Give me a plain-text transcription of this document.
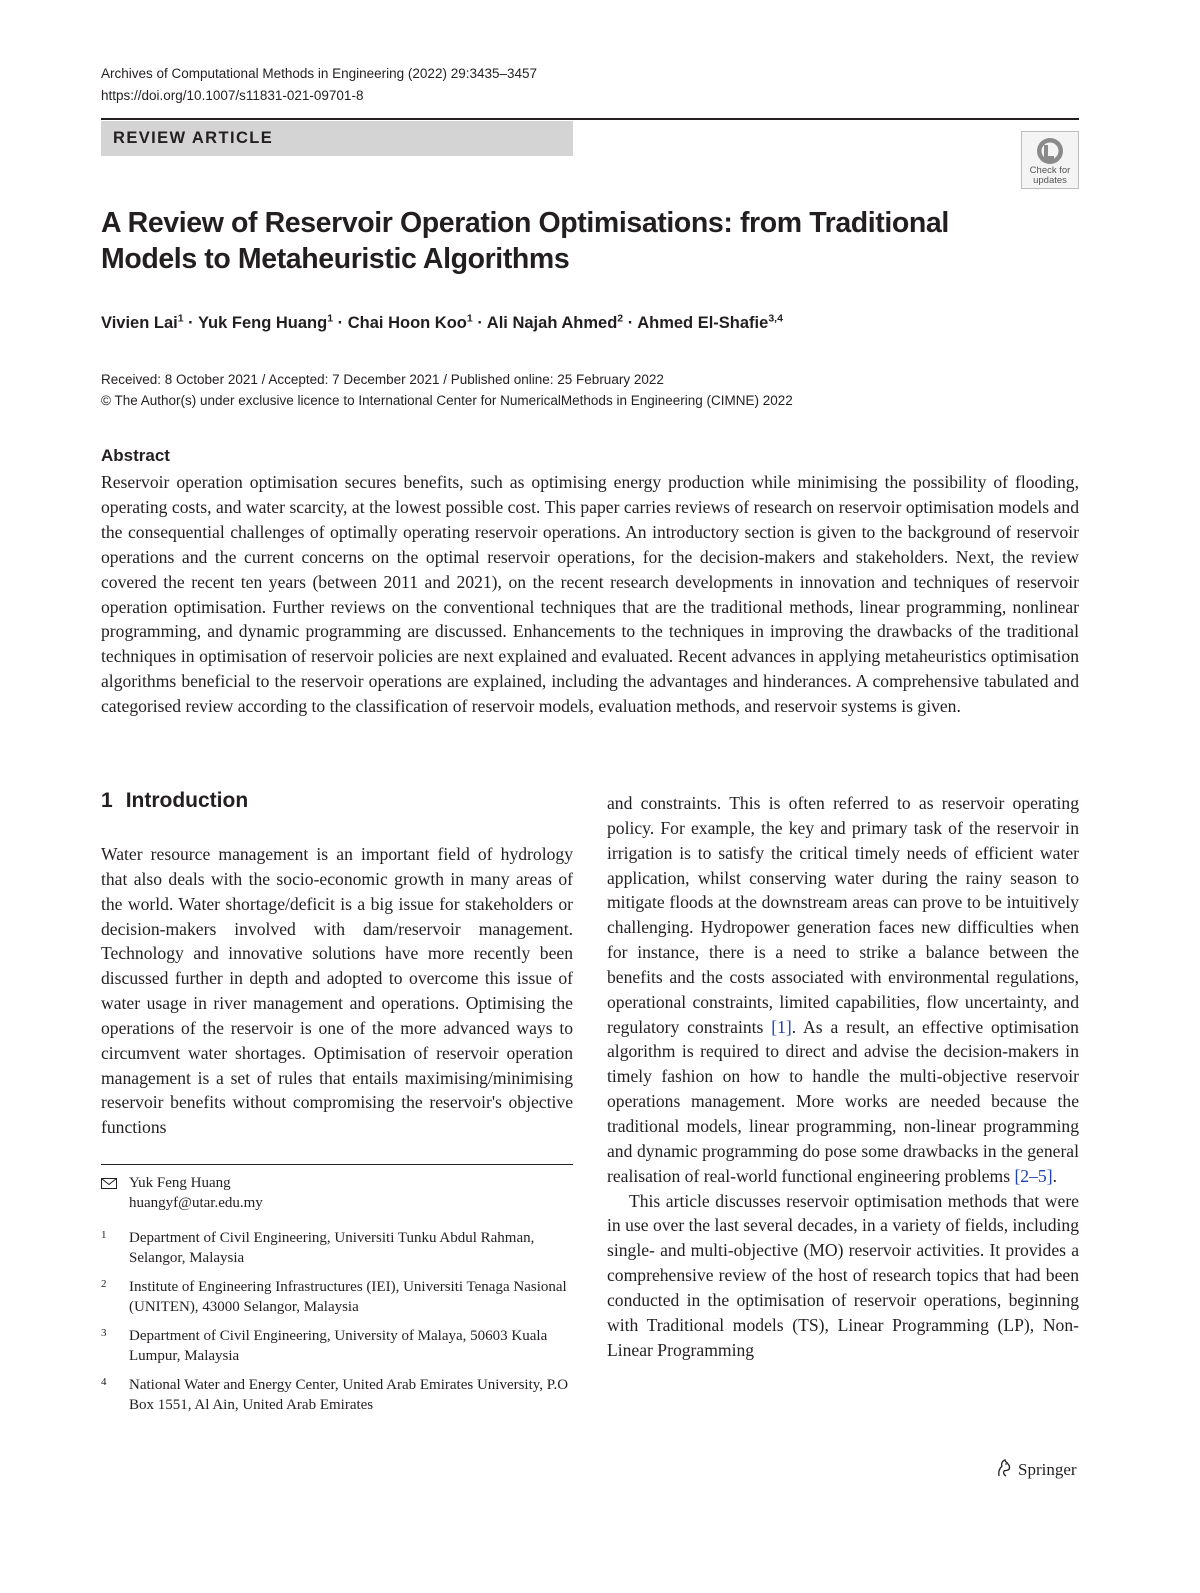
Archives of Computational Methods in Engineering (2022) 29:3435–3457
https://doi.org/10.1007/s11831-021-09701-8
REVIEW ARTICLE
Check for
updates
A Review of Reservoir Operation Optimisations: from Traditional Models to Metaheuristic Algorithms
Vivien Lai$^1$ · Yuk Feng Huang$^1$ · Chai Hoon Koo$^1$ · Ali Najah Ahmed$^2$ · Ahmed El-Shafie$^{3,4}$
Received: 8 October 2021 / Accepted: 7 December 2021 / Published online: 25 February 2022
© The Author(s) under exclusive licence to International Center for NumericalMethods in Engineering (CIMNE) 2022
Abstract
Reservoir operation optimisation secures benefits, such as optimising energy production while minimising the possibility of flooding, operating costs, and water scarcity, at the lowest possible cost. This paper carries reviews of research on reservoir optimisation models and the consequential challenges of optimally operating reservoir operations. An introductory section is given to the background of reservoir operations and the current concerns on the optimal reservoir operations, for the decision-makers and stakeholders. Next, the review covered the recent ten years (between 2011 and 2021), on the recent research developments in innovation and techniques of reservoir operation optimisation. Further reviews on the conventional techniques that are the traditional methods, linear programming, nonlinear programming, and dynamic programming are discussed. Enhancements to the techniques in improving the drawbacks of the traditional techniques in optimisation of reservoir policies are next explained and evaluated. Recent advances in applying metaheuristics optimisation algorithms beneficial to the reservoir operations are explained, including the advantages and hinderances. A comprehensive tabulated and categorised review according to the classification of reservoir models, evaluation methods, and reservoir systems is given.
1 Introduction

Water resource management is an important field of hydrology that also deals with the socio-economic growth in many areas of the world. Water shortage/deficit is a big issue for stakeholders or decision-makers involved with dam/reservoir management. Technology and innovative solutions have more recently been discussed further in depth and adopted to overcome this issue of water usage in river management and operations. Optimising the operations of the reservoir is one of the more advanced ways to circumvent water shortages. Optimisation of reservoir operation management is a set of rules that entails maximising/minimising reservoir benefits without compromising the reservoir's objective functions

and constraints. This is often referred to as reservoir operating policy. For example, the key and primary task of the reservoir in irrigation is to satisfy the critical timely needs of efficient water application, whilst conserving water during the rainy season to mitigate floods at the downstream areas can prove to be intuitively challenging. Hydropower generation faces new difficulties when for instance, there is a need to strike a balance between the benefits and the costs associated with environmental regulations, operational constraints, limited capabilities, flow uncertainty, and regulatory constraints [1]. As a result, an effective optimisation algorithm is required to direct and advise the decision-makers in timely fashion on how to handle the multi-objective reservoir operations management. More works are needed because the traditional models, linear programming, non-linear programming and dynamic programming do pose some drawbacks in the general realisation of real-world functional engineering problems [2–5].

This article discusses reservoir optimisation methods that were in use over the last several decades, in a variety of fields, including single- and multi-objective (MO) reservoir activities. It provides a comprehensive review of the host of research topics that had been conducted in the optimisation of reservoir operations, beginning with Traditional models (TS), Linear Programming (LP), Non-Linear Programming

Yuk Feng Huang
huangyf@utar.edu.my
1 Department of Civil Engineering, Universiti Tunku Abdul Rahman, Selangor, Malaysia
2 Institute of Engineering Infrastructures (IEI), Universiti Tenaga Nasional (UNITEN), 43000 Selangor, Malaysia
3 Department of Civil Engineering, University of Malaya, 50603 Kuala Lumpur, Malaysia
4 National Water and Energy Center, United Arab Emirates University, P.O Box 1551, Al Ain, United Arab Emirates
Springer
